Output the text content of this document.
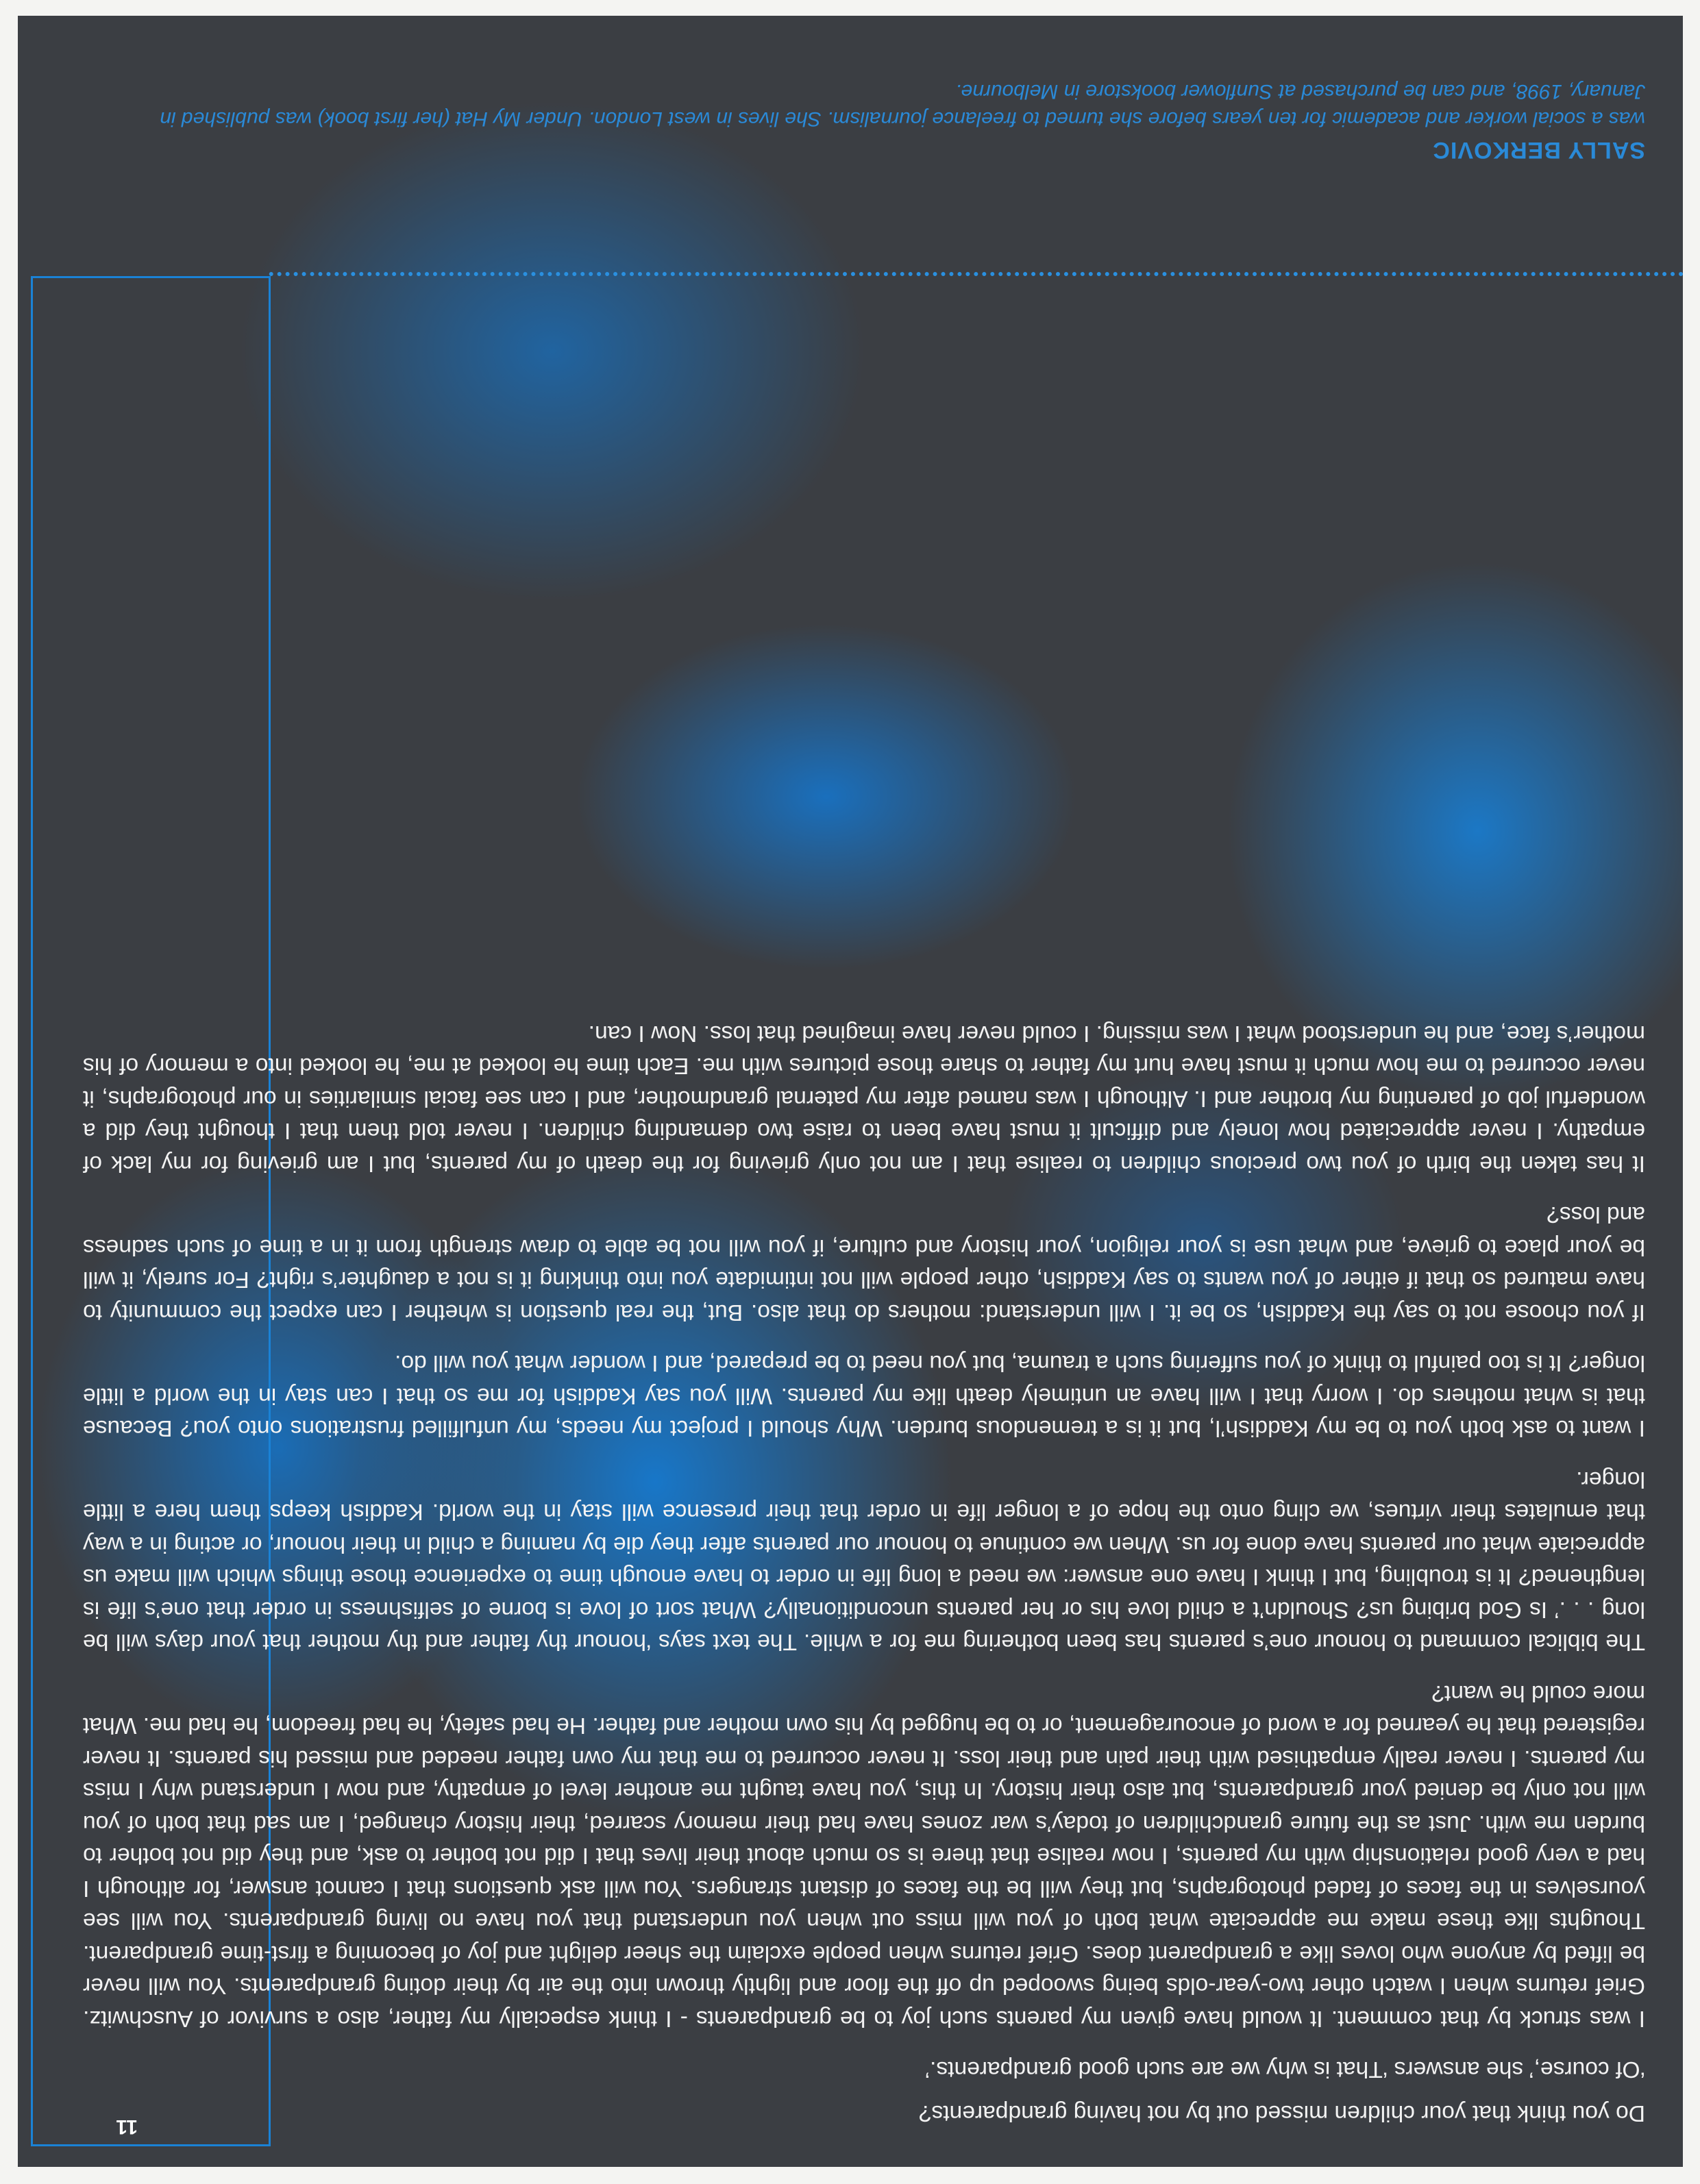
11

Do you think that your children missed out by not having grandparents?

‘Of course,’ she answers ‘That is why we are such good grandparents.’

I was struck by that comment. It would have given my parents such joy to be grandparents - I think especially my father, also a survivor of Auschwitz. Grief returns when I watch other two-year-olds being swooped up off the floor and lightly thrown into the air by their doting grandparents. You will never be lifted by anyone who loves like a grandparent does. Grief returns when people exclaim the sheer delight and joy of becoming a first-time grandparent. Thoughts like these make me appreciate what both of you will miss out when you understand that you have no living grandparents. You will see yourselves in the faces of faded photographs, but they will be the faces of distant strangers. You will ask questions that I cannot answer, for although I had a very good relationship with my parents, I now realise that there is so much about their lives that I did not bother to ask, and they did not bother to burden me with. Just as the future grandchildren of today’s war zones have had their memory scarred, their history changed, I am sad that both of you will not only be denied your grandparents, but also their history. In this, you have taught me another level of empathy, and now I understand why I miss my parents. I never really empathised with their pain and their loss. It never occurred to me that my own father needed and missed his parents. It never registered that he yearned for a word of encouragement, or to be hugged by his own mother and father. He had safety, he had freedom, he had me. What more could he want?

The biblical command to honour one’s parents has been bothering me for a while. The text says ‘honour thy father and thy mother that your days will be long . . .’ Is God bribing us? Shouldn’t a child love his or her parents unconditionally? What sort of love is borne of selfishness in order that one’s life is lengthened? It is troubling, but I think I have one answer: we need a long life in order to have enough time to experience those things which will make us appreciate what our parents have done for us. When we continue to honour our parents after they die by naming a child in their honour, or acting in a way that emulates their virtues, we cling onto the hope of a longer life in order that their presence will stay in the world. Kaddish keeps them here a little longer.

I want to ask both you to be my Kaddish’l, but it is a tremendous burden. Why should I project my needs, my unfulfilled frustrations onto you? Because that is what mothers do. I worry that I will have an untimely death like my parents. Will you say Kaddish for me so that I can stay in the world a little longer? It is too painful to think of you suffering such a trauma, but you need to be prepared, and I wonder what you will do.

If you choose not to say the Kaddish, so be it. I will understand: mothers do that also. But, the real question is whether I can expect the community to have matured so that if either of you wants to say Kaddish, other people will not intimidate you into thinking it is not a daughter’s right? For surely, it will be your place to grieve, and what use is your religion, your history and culture, if you will not be able to draw strength from it in a time of such sadness and loss?

It has taken the birth of you two precious children to realise that I am not only grieving for the death of my parents, but I am grieving for my lack of empathy. I never appreciated how lonely and difficult it must have been to raise two demanding children. I never told them that I thought they did a wonderful job of parenting my brother and I. Although I was named after my paternal grandmother, and I can see facial similarities in our photographs, it never occurred to me how much it must have hurt my father to share those pictures with me. Each time he looked at me, he looked into a memory of his mother’s face, and he understood what I was missing. I could never have imagined that loss. Now I can.

SALLY BERKOVIC

was a social worker and academic for ten years before she turned to freelance journalism. She lives in west London. Under My Hat (her first book) was published in January, 1998, and can be purchased at Sunflower bookstore in Melbourne.
